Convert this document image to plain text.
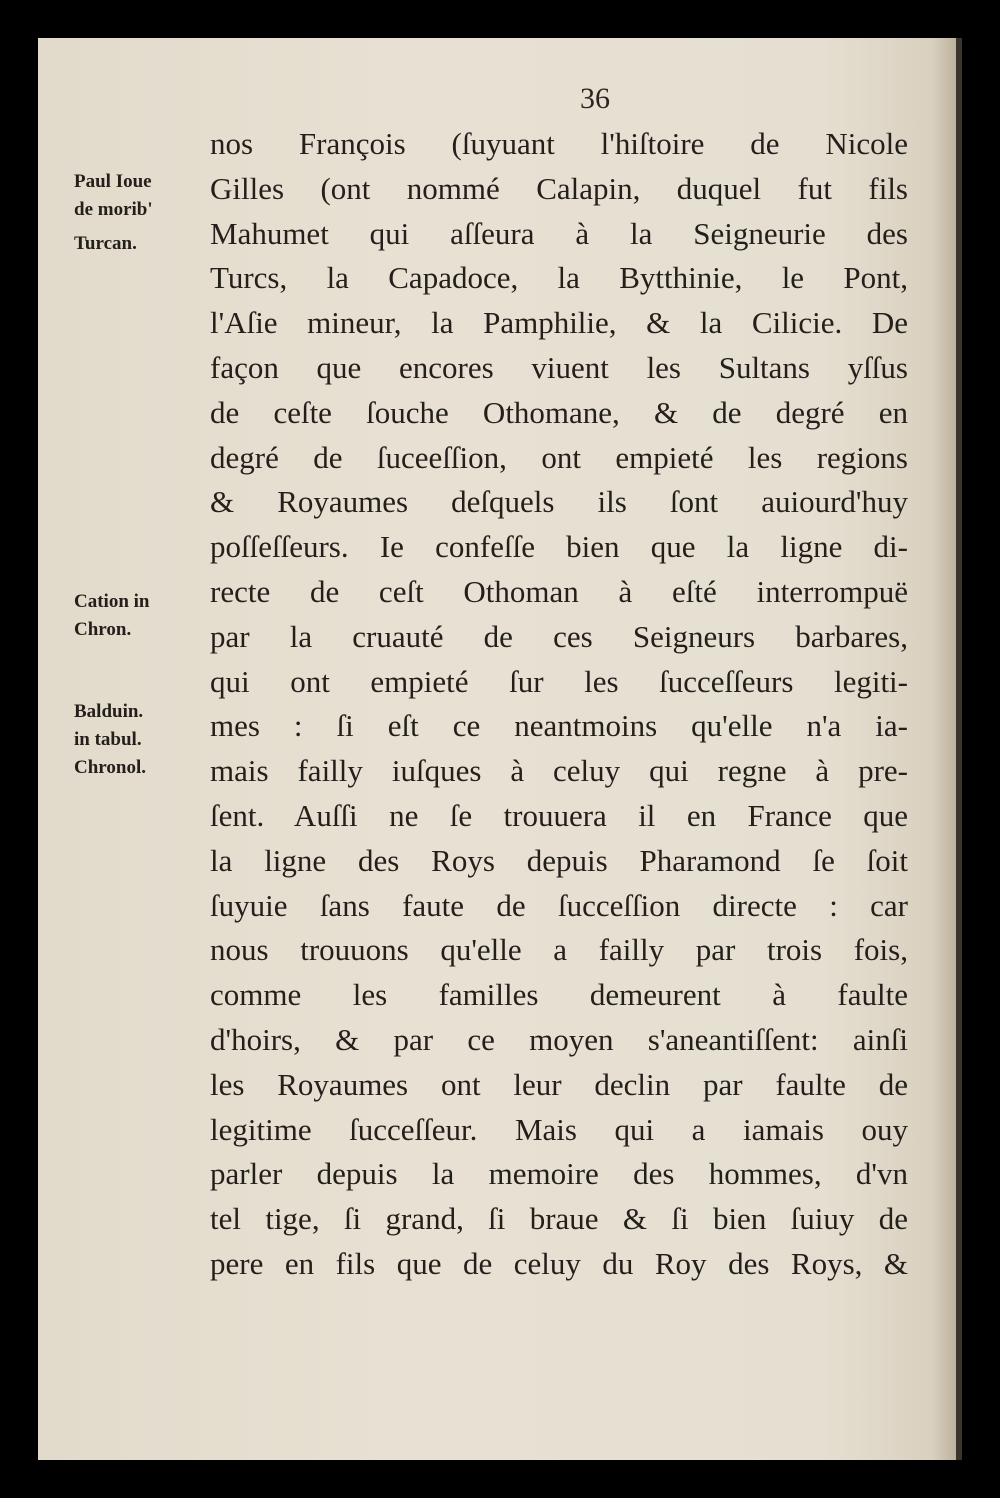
36
nos François (ſuyuant l'hiſtoire de Nicole
Gilles (ont nommé Calapin, duquel fut fils
Mahumet qui aſſeura à la Seigneurie des
Turcs, la Capadoce, la Bytthinie, le Pont,
l'Aſie mineur, la Pamphilie, & la Cilicie. De
façon que encores viuent les Sultans yſſus
de ceſte ſouche Othomane, & de degré en
degré de ſuceeſſion, ont empieté les regions
& Royaumes deſquels ils ſont auiourd'huy
poſſeſſeurs. Ie confeſſe bien que la ligne di-
recte de ceſt Othoman à eſté interrompuë
par la cruauté de ces Seigneurs barbares,
qui ont empieté ſur les ſucceſſeurs legiti-
mes : ſi eſt ce neantmoins qu'elle n'a ia-
mais failly iuſques à celuy qui regne à pre-
ſent. Auſſi ne ſe trouuera il en France que
la ligne des Roys depuis Pharamond ſe ſoit
ſuyuie ſans faute de ſucceſſion directe : car
nous trouuons qu'elle a failly par trois fois,
comme les familles demeurent à faulte
d'hoirs, & par ce moyen s'aneantiſſent: ainſi
les Royaumes ont leur declin par faulte de
legitime ſucceſſeur. Mais qui a iamais ouy
parler depuis la memoire des hommes, d'vn
tel tige, ſi grand, ſi braue & ſi bien ſuiuy de
pere en fils que de celuy du Roy des Roys, &
Paul Ioue
de morib'
Turcan.
Cation in
Chron.
Balduin.
in tabul.
Chronol.
